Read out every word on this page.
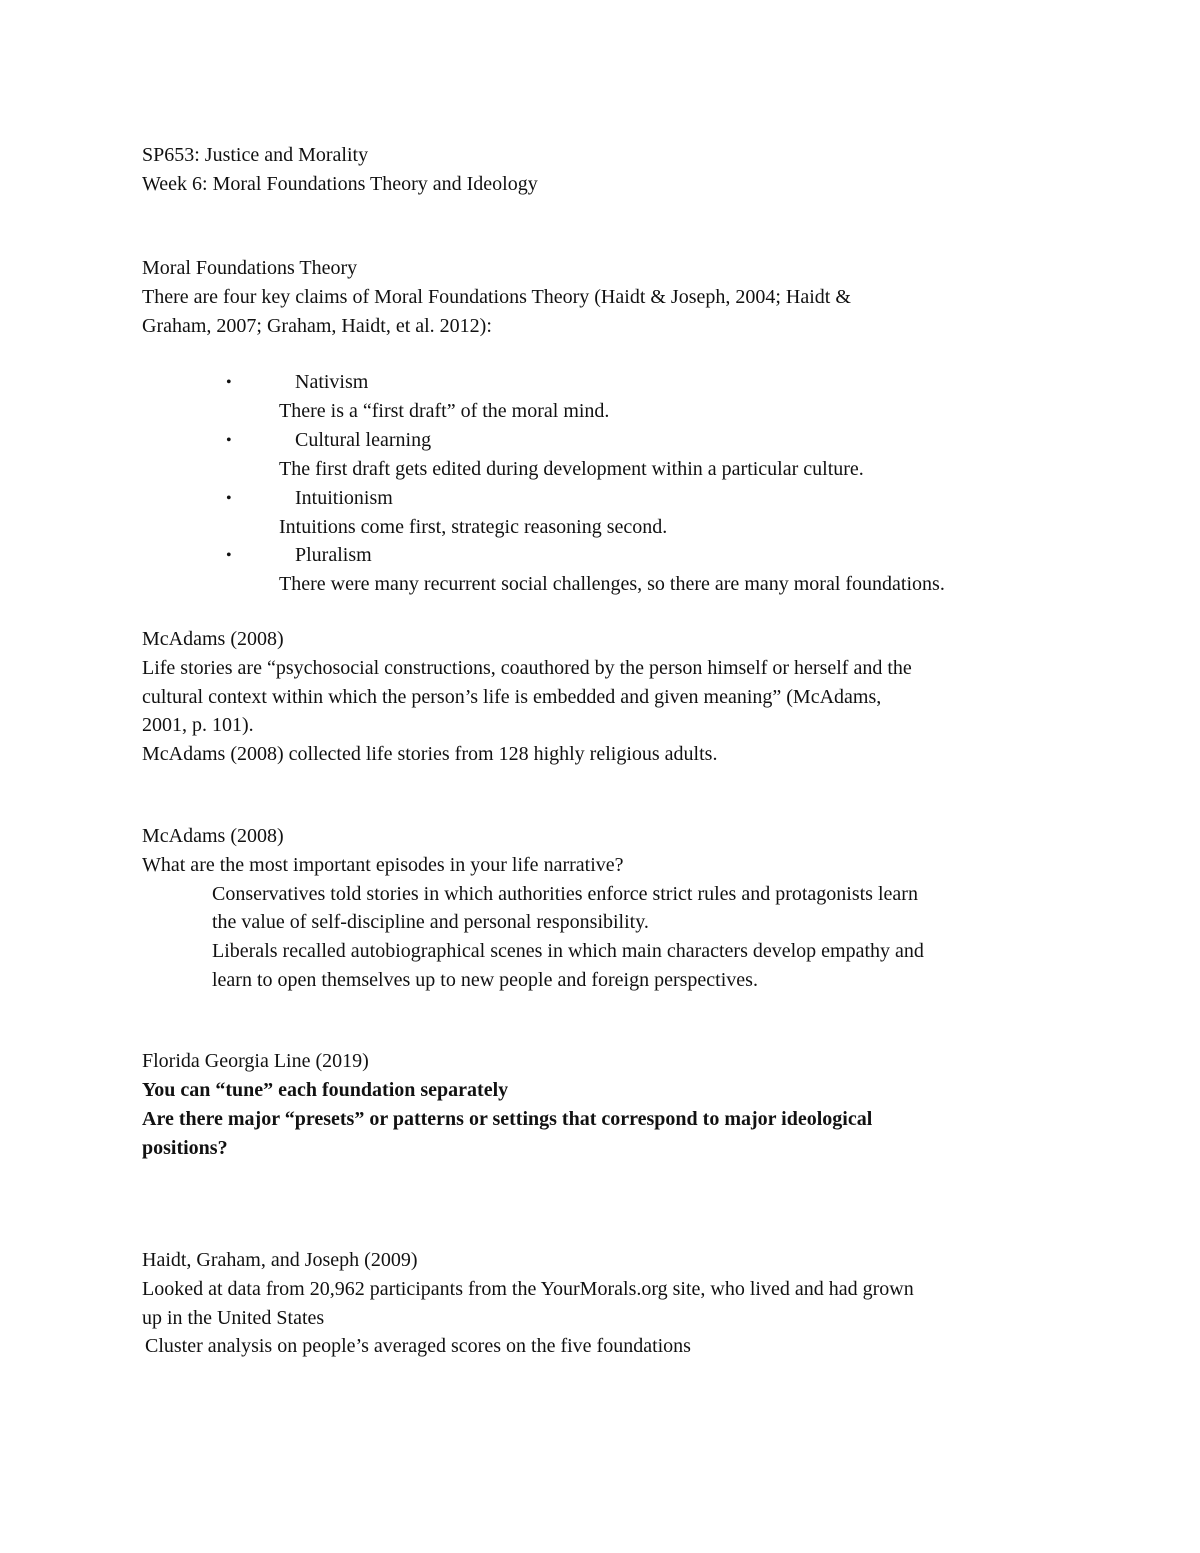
SP653: Justice and Morality
Week 6: Moral Foundations Theory and Ideology
Moral Foundations Theory
There are four key claims of Moral Foundations Theory (Haidt & Joseph, 2004; Haidt &
Graham, 2007; Graham, Haidt, et al. 2012):
•	Nativism
There is a “first draft” of the moral mind.
•	Cultural learning
The first draft gets edited during development within a particular culture.
•	Intuitionism
Intuitions come first, strategic reasoning second.
•	Pluralism
There were many recurrent social challenges, so there are many moral foundations.
McAdams (2008)
Life stories are “psychosocial constructions, coauthored by the person himself or herself and the
cultural context within which the person’s life is embedded and given meaning” (McAdams,
2001, p. 101).
McAdams (2008) collected life stories from 128 highly religious adults.
McAdams (2008)
What are the most important episodes in your life narrative?
Conservatives told stories in which authorities enforce strict rules and protagonists learn
the value of self-discipline and personal responsibility.
Liberals recalled autobiographical scenes in which main characters develop empathy and
learn to open themselves up to new people and foreign perspectives.
Florida Georgia Line (2019)
You can “tune” each foundation separately
Are there major “presets” or patterns or settings that correspond to major ideological
positions?
Haidt, Graham, and Joseph (2009)
Looked at data from 20,962 participants from the YourMorals.org site, who lived and had grown
up in the United States
Cluster analysis on people’s averaged scores on the five foundations
